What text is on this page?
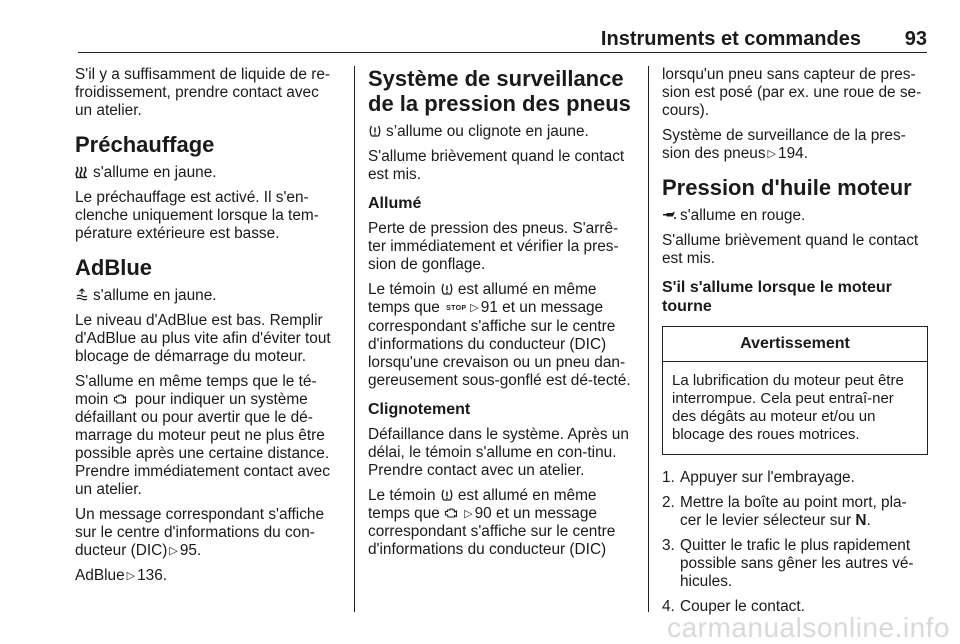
Instruments et commandes 93

S'il y a suffisamment de liquide de re-froidissement, prendre contact avec un atelier.

Préchauffage

s'allume en jaune.

Le préchauffage est activé. Il s'en-clenche uniquement lorsque la tem-pérature extérieure est basse.

AdBlue

s'allume en jaune.

Le niveau d'AdBlue est bas. Remplir d'AdBlue au plus vite afin d'éviter tout blocage de démarrage du moteur.

S'allume en même temps que le té-moin pour indiquer un système défaillant ou pour avertir que le dé-marrage du moteur peut ne plus être possible après une certaine distance. Prendre immédiatement contact avec un atelier.

Un message correspondant s'affiche sur le centre d'informations du con-ducteur (DIC) ▷ 95.

AdBlue ▷ 136.

Système de surveillance de la pression des pneus

s’allume ou clignote en jaune.

S'allume brièvement quand le contact est mis.

Allumé

Perte de pression des pneus. S'arrê-ter immédiatement et vérifier la pres-sion de gonflage.

Le témoin est allumé en même temps que STOP ▷ 91 et un message correspondant s'affiche sur le centre d'informations du conducteur (DIC) lorsqu'une crevaison ou un pneu dan-gereusement sous-gonflé est dé-tecté.

Clignotement

Défaillance dans le système. Après un délai, le témoin s'allume en con-tinu. Prendre contact avec un atelier.

Le témoin est allumé en même temps que ▷ 90 et un message correspondant s'affiche sur le centre d'informations du conducteur (DIC)

lorsqu'un pneu sans capteur de pres-sion est posé (par ex. une roue de se-cours).

Système de surveillance de la pres-sion des pneus ▷ 194.

Pression d'huile moteur

s'allume en rouge.

S'allume brièvement quand le contact est mis.

S'il s'allume lorsque le moteur tourne
Avertissement
La lubrification du moteur peut être interrompue. Cela peut entraî-ner des dégâts au moteur et/ou un blocage des roues motrices.
1. Appuyer sur l'embrayage.
2. Mettre la boîte au point mort, pla-cer le levier sélecteur sur N.
3. Quitter le trafic le plus rapidement possible sans gêner les autres vé-hicules.
4. Couper le contact.
carmanualsonline.info
